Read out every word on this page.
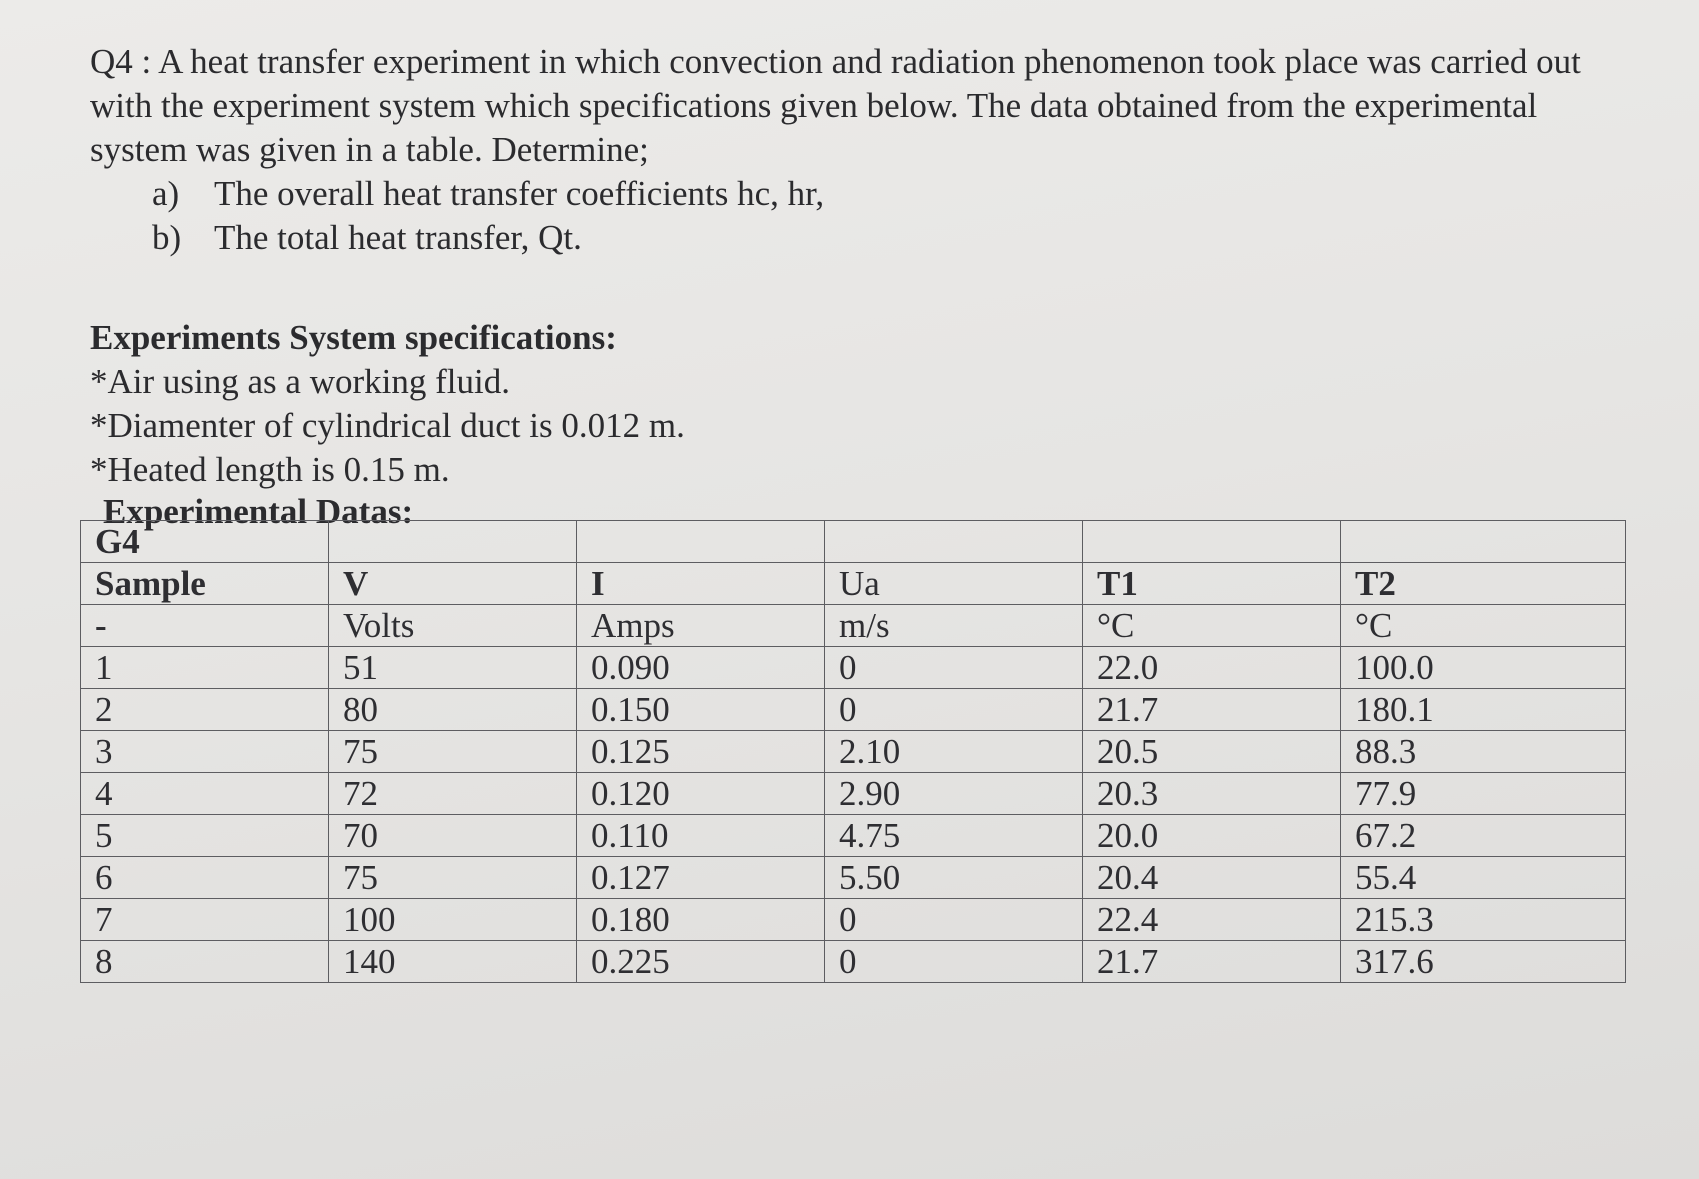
Q4 : A heat transfer experiment in which convection and radiation phenomenon took place was carried out with the experiment system which specifications given below. The data obtained from the experimental system was given in a table. Determine;

a) The overall heat transfer coefficients hc, hr,
b) The total heat transfer, Qt.
Experiments System specifications:
*Air using as a working fluid.
*Diamenter of cylindrical duct is 0.012 m.
*Heated length is 0.15 m.
Experimental Datas:
G4					
Sample	V	I	Ua	T1	T2
-	Volts	Amps	m/s	°C	°C
1	51	0.090	0	22.0	100.0
2	80	0.150	0	21.7	180.1
3	75	0.125	2.10	20.5	88.3
4	72	0.120	2.90	20.3	77.9
5	70	0.110	4.75	20.0	67.2
6	75	0.127	5.50	20.4	55.4
7	100	0.180	0	22.4	215.3
8	140	0.225	0	21.7	317.6
